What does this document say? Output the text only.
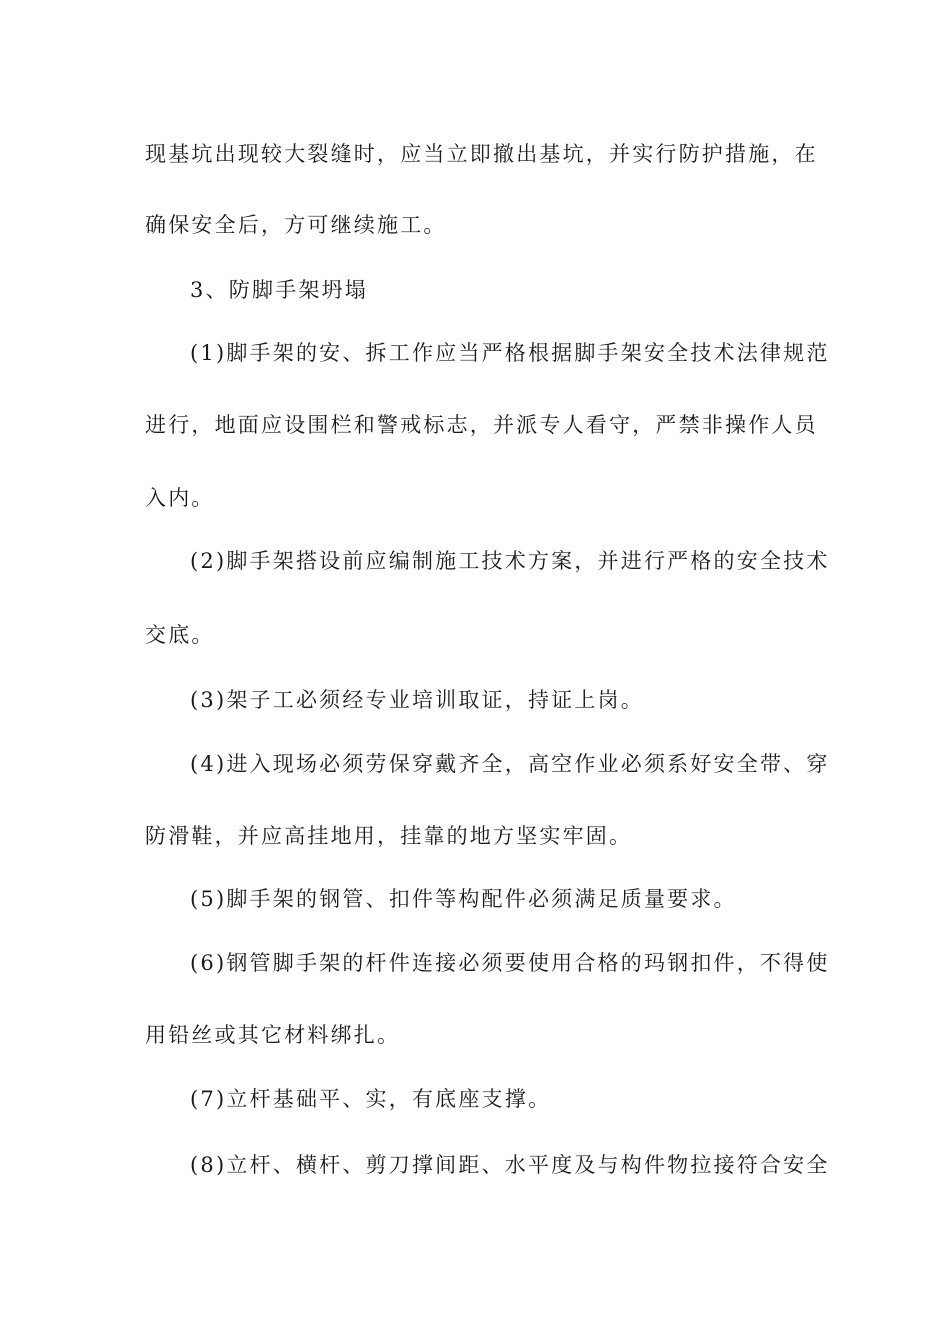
现基坑出现较大裂缝时，应当立即撤出基坑，并实行防护措施，在
确保安全后，方可继续施工。
3、防脚手架坍塌
(1)脚手架的安、拆工作应当严格根据脚手架安全技术法律规范
进行，地面应设围栏和警戒标志，并派专人看守，严禁非操作人员
入内。
(2)脚手架搭设前应编制施工技术方案，并进行严格的安全技术
交底。
(3)架子工必须经专业培训取证，持证上岗。
(4)进入现场必须劳保穿戴齐全，高空作业必须系好安全带、穿
防滑鞋，并应高挂地用，挂靠的地方坚实牢固。
(5)脚手架的钢管、扣件等构配件必须满足质量要求。
(6)钢管脚手架的杆件连接必须要使用合格的玛钢扣件，不得使
用铅丝或其它材料绑扎。
(7)立杆基础平、实，有底座支撑。
(8)立杆、横杆、剪刀撑间距、水平度及与构件物拉接符合安全
